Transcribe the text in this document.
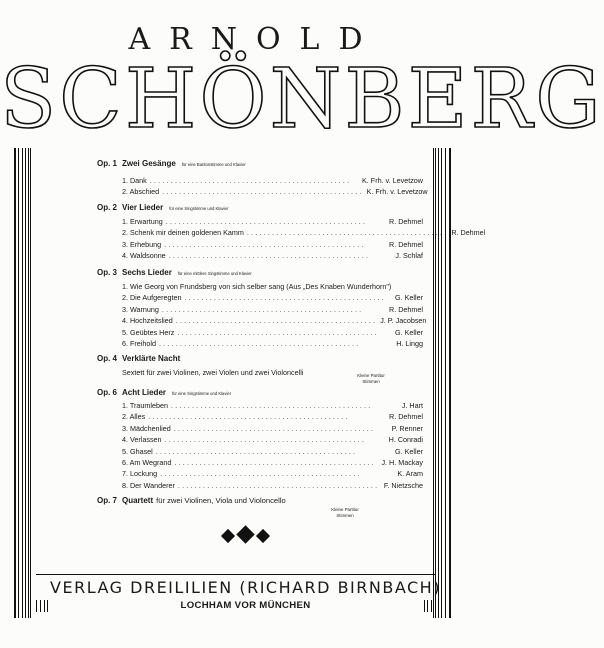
ARNOLD
SCHÖNBERG
Op. 1 Zwei Gesänge für eine Baritonstimme und Klavier
1. Dank ................................................	K. Frh. v. Levetzow
2. Abschied ................................................ K. Frh. v. Levetzow
Op. 2 Vier Lieder für eine Singstimme und Klavier
1. Erwartung ................................................	R. Dehmel
2. Schenk mir deinen goldenen Kamm ................................................ R. Dehmel
3. Erhebung ................................................	R. Dehmel
4. Waldsonne ................................................	J. Schlaf
Op. 3 Sechs Lieder für eine mittlere Singstimme und Klavier
1. Wie Georg von Frundsberg von sich selber sang (Aus „Des Knaben Wunderhorn")
2. Die Aufgeregten ................................................	G. Keller
3. Warnung ................................................	R. Dehmel
4. Hochzeitslied ................................................ J. P. Jacobsen
5. Geübtes Herz ................................................	G. Keller
6. Freihold ................................................	H. Lingg
Op. 4 Verklärte Nacht
Sextett für zwei Violinen, zwei Violen und zwei Violoncelli	Kleine Partitur
Stimmen
Op. 6 Acht Lieder für eine Singstimme und Klavier
1. Traumleben ................................................	J. Hart
2. Alles ................................................	R. Dehmel
3. Mädchenlied ................................................	P. Renner
4. Verlassen ................................................	H. Conradi
5. Ghasel ................................................	G. Keller
6. Am Wegrand ................................................ J. H. Mackay
7. Lockung ................................................	K. Aram
8. Der Wanderer ................................................ F. Nietzsche
Op. 7 Quartett für zwei Violinen, Viola und Violoncello
Kleine Partitur
Stimmen
VERLAG DREILILIEN (RICHARD BIRNBACH)
LOCHHAM VOR MÜNCHEN
